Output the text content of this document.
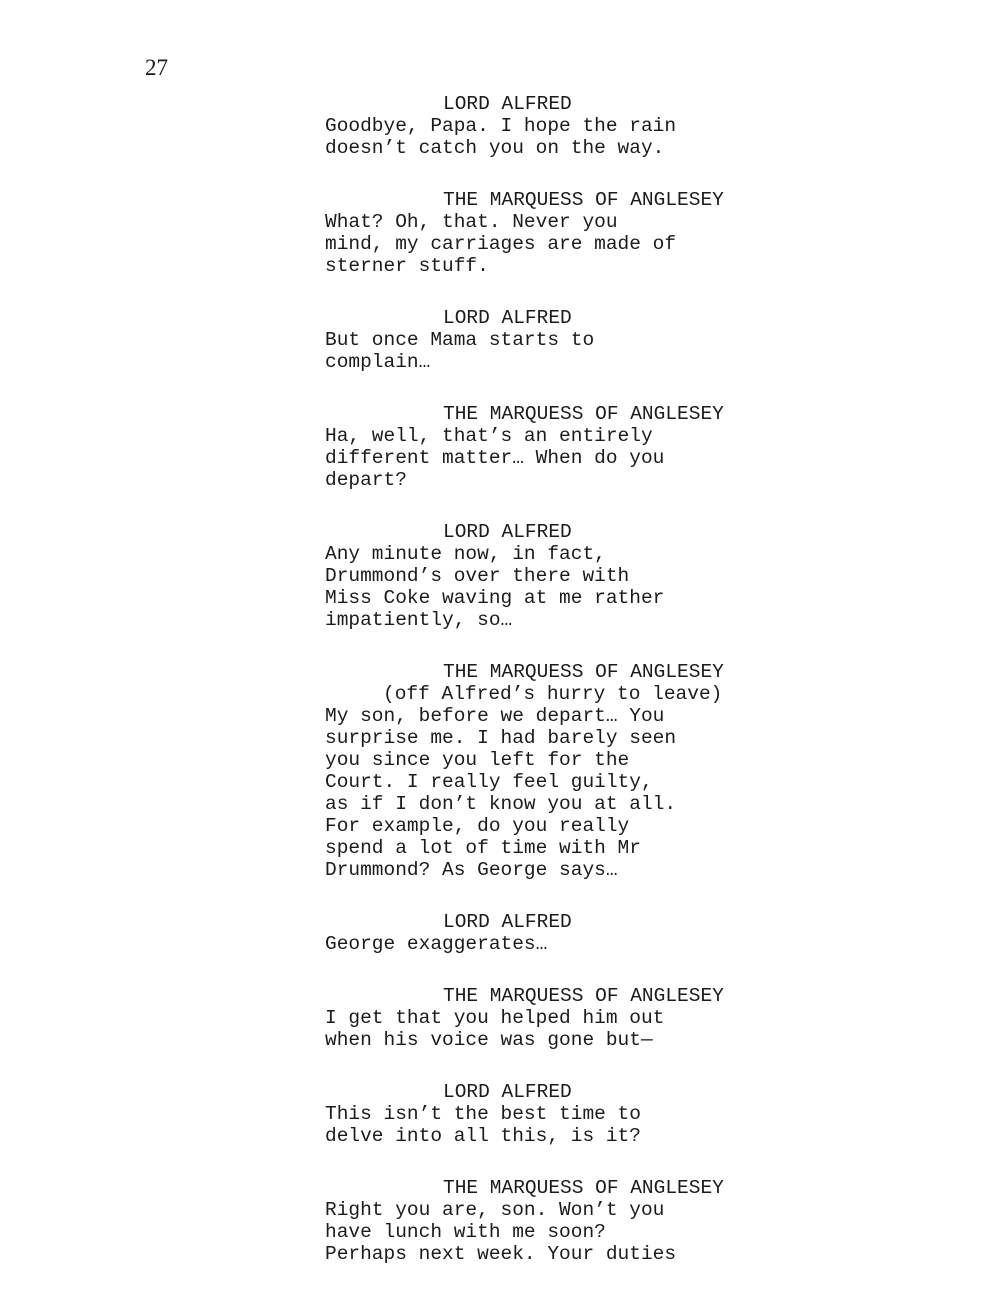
27
LORD ALFRED
Goodbye, Papa. I hope the rain
doesn’t catch you on the way.
THE MARQUESS OF ANGLESEY
What? Oh, that. Never you
mind, my carriages are made of
sterner stuff.
LORD ALFRED
But once Mama starts to
complain…
THE MARQUESS OF ANGLESEY
Ha, well, that’s an entirely
different matter… When do you
depart?
LORD ALFRED
Any minute now, in fact,
Drummond’s over there with
Miss Coke waving at me rather
impatiently, so…
THE MARQUESS OF ANGLESEY
(off Alfred’s hurry to leave)
My son, before we depart… You
surprise me. I had barely seen
you since you left for the
Court. I really feel guilty,
as if I don’t know you at all.
For example, do you really
spend a lot of time with Mr
Drummond? As George says…
LORD ALFRED
George exaggerates…
THE MARQUESS OF ANGLESEY
I get that you helped him out
when his voice was gone but—
LORD ALFRED
This isn’t the best time to
delve into all this, is it?
THE MARQUESS OF ANGLESEY
Right you are, son. Won’t you
have lunch with me soon?
Perhaps next week. Your duties
